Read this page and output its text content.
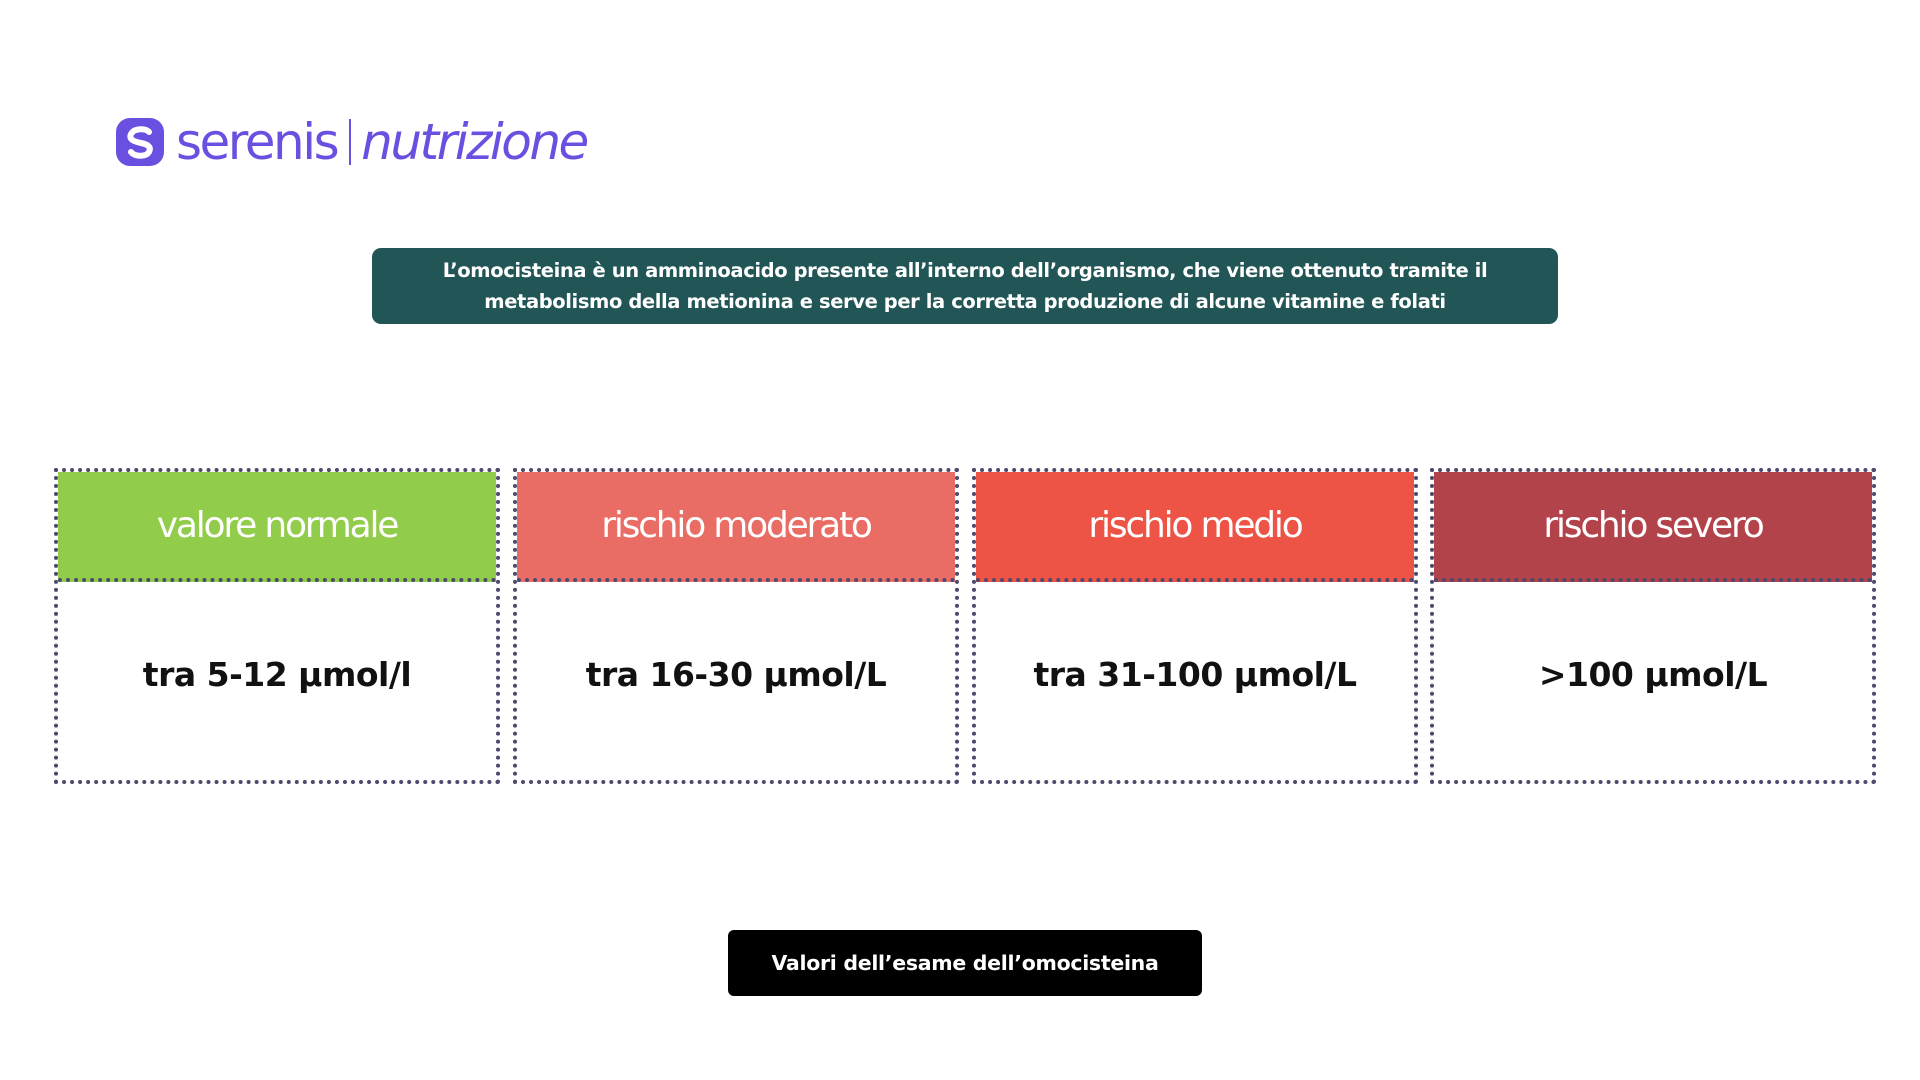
serenis nutrizione
L’omocisteina è un amminoacido presente all’interno dell’organismo, che viene ottenuto tramite il metabolismo della metionina e serve per la corretta produzione di alcune vitamine e folati
valore normale
tra 5-12 µmol/l
rischio moderato
tra 16-30 µmol/L
rischio medio
tra 31-100 µmol/L
rischio severo
>100 µmol/L
Valori dell’esame dell’omocisteina
